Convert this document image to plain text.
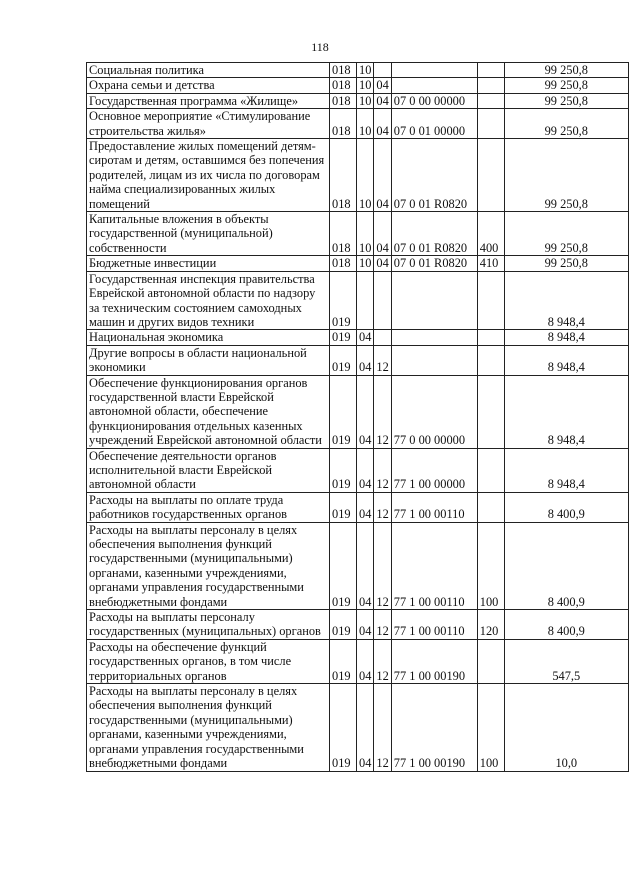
118
Социальная политика	018	10				99 250,8
Охрана семьи и детства	018	10	04			99 250,8
Государственная программа «Жилище»	018	10	04	07 0 00 00000		99 250,8
Основное мероприятие «Стимулирование строительства жилья»	018	10	04	07 0 01 00000		99 250,8
Предоставление жилых помещений детям-сиротам и детям, оставшимся без попечения родителей, лицам из их числа по договорам найма специализированных жилых помещений	018	10	04	07 0 01 R0820		99 250,8
Капитальные вложения в объекты государственной (муниципальной) собственности	018	10	04	07 0 01 R0820	400	99 250,8
Бюджетные инвестиции	018	10	04	07 0 01 R0820	410	99 250,8
Государственная инспекция правительства Еврейской автономной области по надзору за техническим состоянием самоходных машин и других видов техники	019					8 948,4
Национальная экономика	019	04				8 948,4
Другие вопросы в области национальной экономики	019	04	12			8 948,4
Обеспечение функционирования органов государственной власти Еврейской автономной области, обеспечение функционирования отдельных казенных учреждений Еврейской автономной области	019	04	12	77 0 00 00000		8 948,4
Обеспечение деятельности органов исполнительной власти Еврейской автономной области	019	04	12	77 1 00 00000		8 948,4
Расходы на выплаты по оплате труда работников государственных органов	019	04	12	77 1 00 00110		8 400,9
Расходы на выплаты персоналу в целях обеспечения выполнения функций государственными (муниципальными) органами, казенными учреждениями, органами управления государственными внебюджетными фондами	019	04	12	77 1 00 00110	100	8 400,9
Расходы на выплаты персоналу государственных (муниципальных) органов	019	04	12	77 1 00 00110	120	8 400,9
Расходы на обеспечение функций государственных органов, в том числе территориальных органов	019	04	12	77 1 00 00190		547,5
Расходы на выплаты персоналу в целях обеспечения выполнения функций государственными (муниципальными) органами, казенными учреждениями, органами управления государственными внебюджетными фондами	019	04	12	77 1 00 00190	100	10,0
